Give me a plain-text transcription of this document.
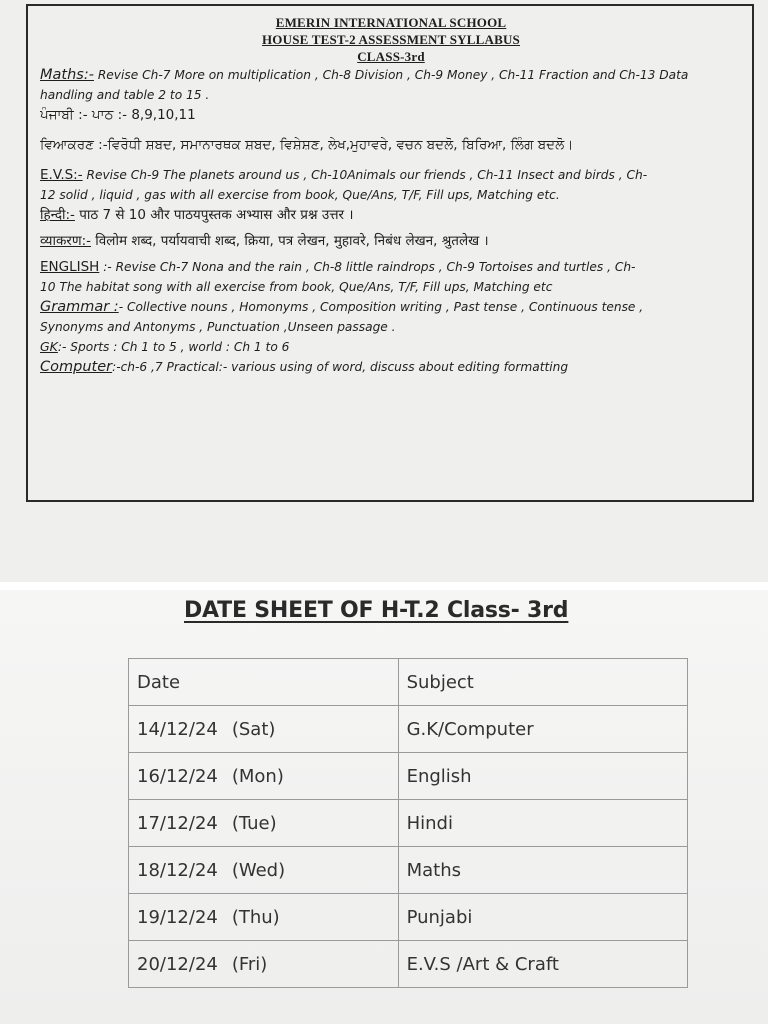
EMERIN INTERNATIONAL SCHOOL
HOUSE TEST-2 ASSESSMENT SYLLABUS
CLASS-3rd
Maths:- Revise Ch-7 More on multiplication , Ch-8 Division , Ch-9 Money , Ch-11 Fraction and Ch-13 Data
handling and table 2 to 15 .
ਪੰਜਾਬੀ :- ਪਾਠ :- 8,9,10,11
ਵਿਆਕਰਣ :-ਵਿਰੋਧੀ ਸ਼ਬਦ, ਸਮਾਨਾਰਥਕ ਸ਼ਬਦ, ਵਿਸ਼ੇਸ਼ਣ, ਲੇਖ,ਮੁਹਾਵਰੇ, ਵਚਨ ਬਦਲੋ, ਬਿਰਿਆ, ਲਿੰਗ ਬਦਲੋ।
E.V.S:- Revise Ch-9 The planets around us , Ch-10Animals our friends , Ch-11 Insect and birds , Ch-
12 solid , liquid , gas with all exercise from book, Que/Ans, T/F, Fill ups, Matching etc.
हिन्दी:- पाठ 7 से 10 और पाठयपुस्तक अभ्यास और प्रश्न उत्तर ।
व्याकरण:- विलोम शब्द, पर्यायवाची शब्द, क्रिया, पत्र लेखन, मुहावरे, निबंध लेखन, श्रुतलेख ।
ENGLISH :- Revise Ch-7 Nona and the rain , Ch-8 little raindrops , Ch-9 Tortoises and turtles , Ch-
10 The habitat song with all exercise from book, Que/Ans, T/F, Fill ups, Matching etc
Grammar :- Collective nouns , Homonyms , Composition writing , Past tense , Continuous tense ,
Synonyms and Antonyms , Punctuation ,Unseen passage .
GK:- Sports : Ch 1 to 5 , world : Ch 1 to 6
Computer:-ch-6 ,7 Practical:- various using of word, discuss about editing formatting
DATE SHEET OF H-T.2 Class- 3rd
Date	Subject
14/12/24 (Sat)	G.K/Computer
16/12/24 (Mon)	English
17/12/24 (Tue)	Hindi
18/12/24 (Wed)	Maths
19/12/24 (Thu)	Punjabi
20/12/24 (Fri)	E.V.S /Art & Craft
